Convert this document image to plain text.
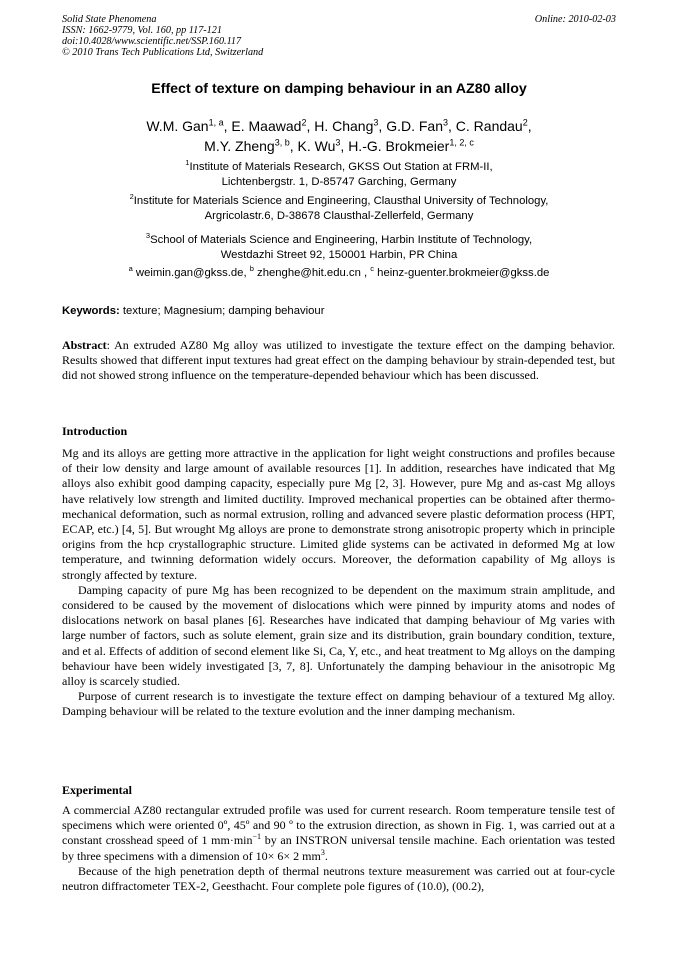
Solid State Phenomena
ISSN: 1662-9779, Vol. 160, pp 117-121
doi:10.4028/www.scientific.net/SSP.160.117
© 2010 Trans Tech Publications Ltd, Switzerland
Online: 2010-02-03
Effect of texture on damping behaviour in an AZ80 alloy
W.M. Gan$^{1, a}$, E. Maawad$^2$, H. Chang$^3$, G.D. Fan$^3$, C. Randau$^2$,
M.Y. Zheng$^{3, b}$, K. Wu$^3$, H.-G. Brokmeier$^{1, 2, c}$
$^1$Institute of Materials Research, GKSS Out Station at FRM-II,
Lichtenbergstr. 1, D-85747 Garching, Germany
$^2$Institute for Materials Science and Engineering, Clausthal University of Technology,
Argricolastr.6, D-38678 Clausthal-Zellerfeld, Germany
$^3$School of Materials Science and Engineering, Harbin Institute of Technology,
Westdazhi Street 92, 150001 Harbin, PR China
$^a$ weimin.gan@gkss.de, $^b$ zhenghe@hit.edu.cn , $^c$ heinz-guenter.brokmeier@gkss.de
Keywords: texture; Magnesium; damping behaviour

Abstract: An extruded AZ80 Mg alloy was utilized to investigate the texture effect on the damping behavior. Results showed that different input textures had great effect on the damping behaviour by strain-depended test, but did not showed strong influence on the temperature-depended behaviour which has been discussed.

Introduction

Mg and its alloys are getting more attractive in the application for light weight constructions and profiles because of their low density and large amount of available resources [1]. In addition, researches have indicated that Mg alloys also exhibit good damping capacity, especially pure Mg [2, 3]. However, pure Mg and as-cast Mg alloys have relatively low strength and limited ductility. Improved mechanical properties can be obtained after thermo-mechanical deformation, such as normal extrusion, rolling and advanced severe plastic deformation process (HPT, ECAP, etc.) [4, 5]. But wrought Mg alloys are prone to demonstrate strong anisotropic property which in principle origins from the hcp crystallographic structure. Limited glide systems can be activated in deformed Mg at low temperature, and twinning deformation widely occurs. Moreover, the deformation capability of Mg alloys is strongly affected by texture.

Damping capacity of pure Mg has been recognized to be dependent on the maximum strain amplitude, and considered to be caused by the movement of dislocations which were pinned by impurity atoms and nodes of dislocations network on basal planes [6]. Researches have indicated that damping behaviour of Mg varies with large number of factors, such as solute element, grain size and its distribution, grain boundary condition, texture, and et al. Effects of addition of second element like Si, Ca, Y, etc., and heat treatment to Mg alloys on the damping behaviour have been widely investigated [3, 7, 8]. Unfortunately the damping behaviour in the anisotropic Mg alloy is scarcely studied.

Purpose of current research is to investigate the texture effect on damping behaviour of a textured Mg alloy. Damping behaviour will be related to the texture evolution and the inner damping mechanism.

Experimental

A commercial AZ80 rectangular extruded profile was used for current research. Room temperature tensile test of specimens which were oriented 0º, 45º and 90 º to the extrusion direction, as shown in Fig. 1, was carried out at a constant crosshead speed of 1 $mm\cdot\min^{-1}$ by an INSTRON universal tensile machine. Each orientation was tested by three specimens with a dimension of 10× 6× 2 $mm^3$.

Because of the high penetration depth of thermal neutrons texture measurement was carried out at four-cycle neutron diffractometer TEX-2, Geesthacht. Four complete pole figures of (10.0), (00.2),
